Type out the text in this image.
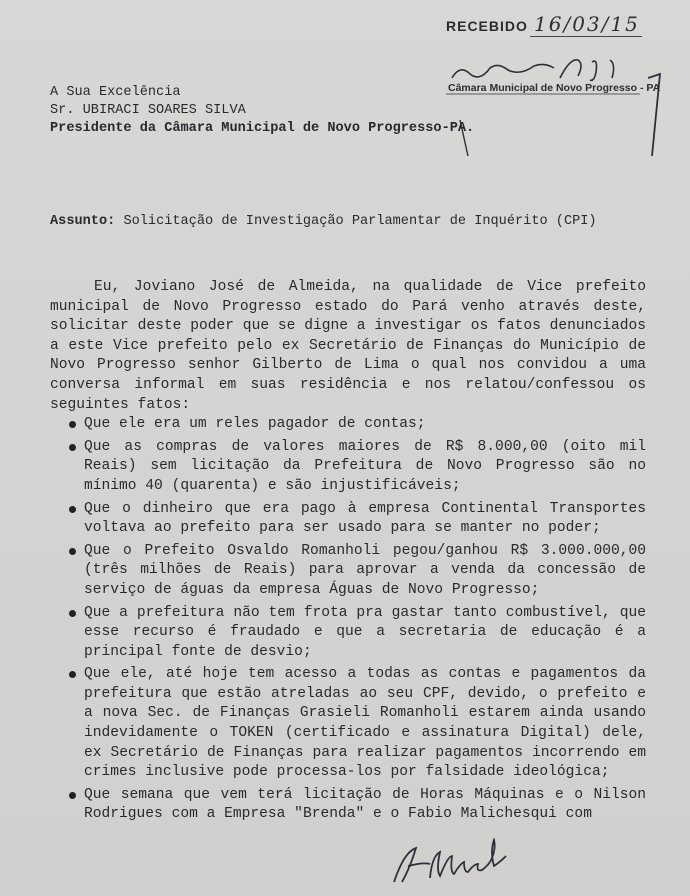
RECEBIDO 16/03/15
Câmara Municipal de Novo Progresso - PA
A Sua Excelência
Sr. UBIRACI SOARES SILVA
Presidente da Câmara Municipal de Novo Progresso-PA.
Assunto: Solicitação de Investigação Parlamentar de Inquérito (CPI)
Eu, Joviano José de Almeida, na qualidade de Vice prefeito municipal de Novo Progresso estado do Pará venho através deste, solicitar deste poder que se digne a investigar os fatos denunciados a este Vice prefeito pelo ex Secretário de Finanças do Município de Novo Progresso senhor Gilberto de Lima o qual nos convidou a uma conversa informal em suas residência e nos relatou/confessou os seguintes fatos:
Que ele era um reles pagador de contas;
Que as compras de valores maiores de R$ 8.000,00 (oito mil Reais) sem licitação da Prefeitura de Novo Progresso são no mínimo 40 (quarenta) e são injustificáveis;
Que o dinheiro que era pago à empresa Continental Transportes voltava ao prefeito para ser usado para se manter no poder;
Que o Prefeito Osvaldo Romanholi pegou/ganhou R$ 3.000.000,00 (três milhões de Reais) para aprovar a venda da concessão de serviço de águas da empresa Águas de Novo Progresso;
Que a prefeitura não tem frota pra gastar tanto combustível, que esse recurso é fraudado e que a secretaria de educação é a principal fonte de desvio;
Que ele, até hoje tem acesso a todas as contas e pagamentos da prefeitura que estão atreladas ao seu CPF, devido, o prefeito e a nova Sec. de Finanças Grasieli Romanholi estarem ainda usando indevidamente o TOKEN (certificado e assinatura Digital) dele, ex Secretário de Finanças para realizar pagamentos incorrendo em crimes inclusive pode processa-los por falsidade ideológica;
Que semana que vem terá licitação de Horas Máquinas e o Nilson Rodrigues com a Empresa "Brenda" e o Fabio Malichesqui com
